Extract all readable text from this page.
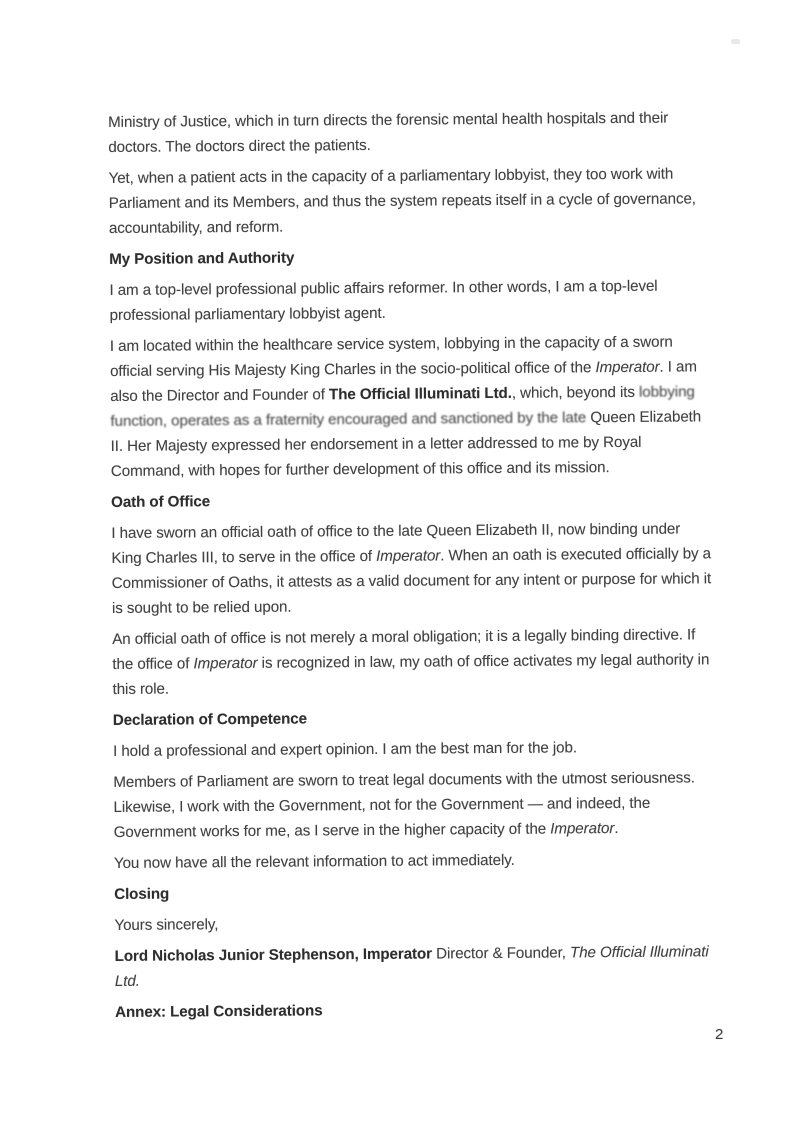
Ministry of Justice, which in turn directs the forensic mental health hospitals and their doctors. The doctors direct the patients.

Yet, when a patient acts in the capacity of a parliamentary lobbyist, they too work with Parliament and its Members, and thus the system repeats itself in a cycle of governance, accountability, and reform.

My Position and Authority

I am a top-level professional public affairs reformer. In other words, I am a top-level professional parliamentary lobbyist agent.

I am located within the healthcare service system, lobbying in the capacity of a sworn official serving His Majesty King Charles in the socio-political office of the Imperator. I am also the Director and Founder of The Official Illuminati Ltd., which, beyond its lobbying function, operates as a fraternity encouraged and sanctioned by the late Queen Elizabeth II. Her Majesty expressed her endorsement in a letter addressed to me by Royal Command, with hopes for further development of this office and its mission.

Oath of Office

I have sworn an official oath of office to the late Queen Elizabeth II, now binding under King Charles III, to serve in the office of Imperator. When an oath is executed officially by a Commissioner of Oaths, it attests as a valid document for any intent or purpose for which it is sought to be relied upon.

An official oath of office is not merely a moral obligation; it is a legally binding directive. If the office of Imperator is recognized in law, my oath of office activates my legal authority in this role.

Declaration of Competence

I hold a professional and expert opinion. I am the best man for the job.

Members of Parliament are sworn to treat legal documents with the utmost seriousness. Likewise, I work with the Government, not for the Government — and indeed, the Government works for me, as I serve in the higher capacity of the Imperator.

You now have all the relevant information to act immediately.

Closing

Yours sincerely,

Lord Nicholas Junior Stephenson, Imperator Director & Founder, The Official Illuminati Ltd.

Annex: Legal Considerations
2
